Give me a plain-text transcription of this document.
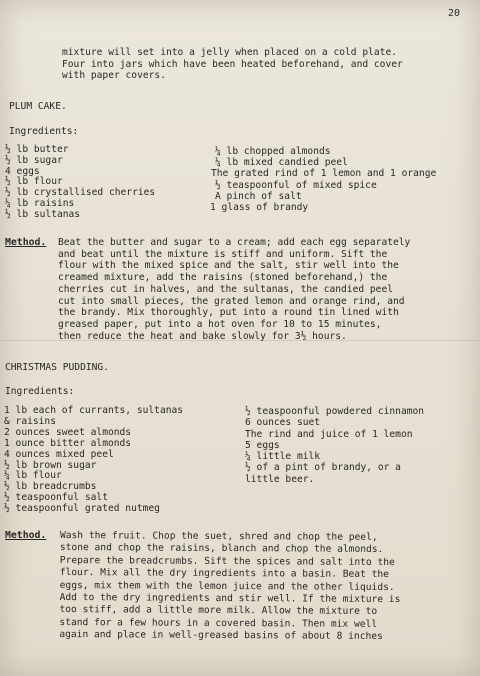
20
mixture will set into a jelly when placed on a cold plate.
Four into jars which have been heated beforehand, and cover
with paper covers.
PLUM CAKE.
Ingredients:
½ lb butter
½ lb sugar
4 eggs
½ lb flour
½ lb crystallised cherries
¼ lb raisins
½ lb sultanas
¼ lb chopped almonds
¼ lb mixed candied peel
The grated rind of 1 lemon and 1 orange
½ teaspoonful of mixed spice
A pinch of salt
1 glass of brandy
Method. Beat the butter and sugar to a cream; add each egg separately
and beat until the mixture is stiff and uniform. Sift the
flour with the mixed spice and the salt, stir well into the
creamed mixture, add the raisins (stoned beforehand,) the
cherries cut in halves, and the sultanas, the candied peel
cut into small pieces, the grated lemon and orange rind, and
the brandy. Mix thoroughly, put into a round tin lined with
greased paper, put into a hot oven for 10 to 15 minutes,
then reduce the heat and bake slowly for 3½ hours.
CHRISTMAS PUDDING.
Ingredients:
1 lb each of currants, sultanas
& raisins
2 ounces sweet almonds
1 ounce bitter almonds
4 ounces mixed peel
½ lb brown sugar
¼ lb flour
½ lb breadcrumbs
½ teaspoonful salt
½ teaspoonful grated nutmeg
½ teaspoonful powdered cinnamon
6 ounces suet
The rind and juice of 1 lemon
5 eggs
¼ little milk
½ of a pint of brandy, or a
little beer.
Method. Wash the fruit. Chop the suet, shred and chop the peel,
stone and chop the raisins, blanch and chop the almonds.
Prepare the breadcrumbs. Sift the spices and salt into the
flour. Mix all the dry ingredients into a basin. Beat the
eggs, mix them with the lemon juice and the other liquids.
Add to the dry ingredients and stir well. If the mixture is
too stiff, add a little more milk. Allow the mixture to
stand for a few hours in a covered basin. Then mix well
again and place in well-greased basins of about 8 inches
